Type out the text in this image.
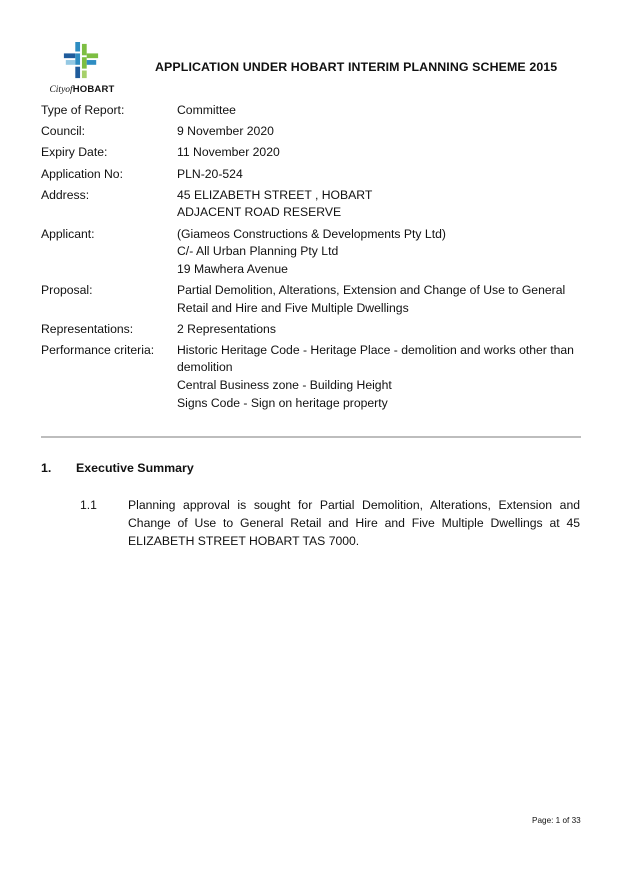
CityofHOBART
APPLICATION UNDER HOBART INTERIM PLANNING SCHEME 2015
Type of Report:	Committee
Council:	9 November 2020
Expiry Date:	11 November 2020
Application No:	PLN-20-524
Address:	45 ELIZABETH STREET , HOBART
ADJACENT ROAD RESERVE
Applicant:	(Giameos Constructions & Developments Pty Ltd)
C/- All Urban Planning Pty Ltd
19 Mawhera Avenue
Proposal:	Partial Demolition, Alterations, Extension and Change of Use to General
Retail and Hire and Five Multiple Dwellings
Representations:	2 Representations
Performance criteria:	Historic Heritage Code - Heritage Place - demolition and works other than
demolition
Central Business zone - Building Height
Signs Code - Sign on heritage property
1. Executive Summary
1.1	Planning approval is sought for Partial Demolition, Alterations, Extension and Change of Use to General Retail and Hire and Five Multiple Dwellings at 45 ELIZABETH STREET HOBART TAS 7000.
Page: 1 of 33
